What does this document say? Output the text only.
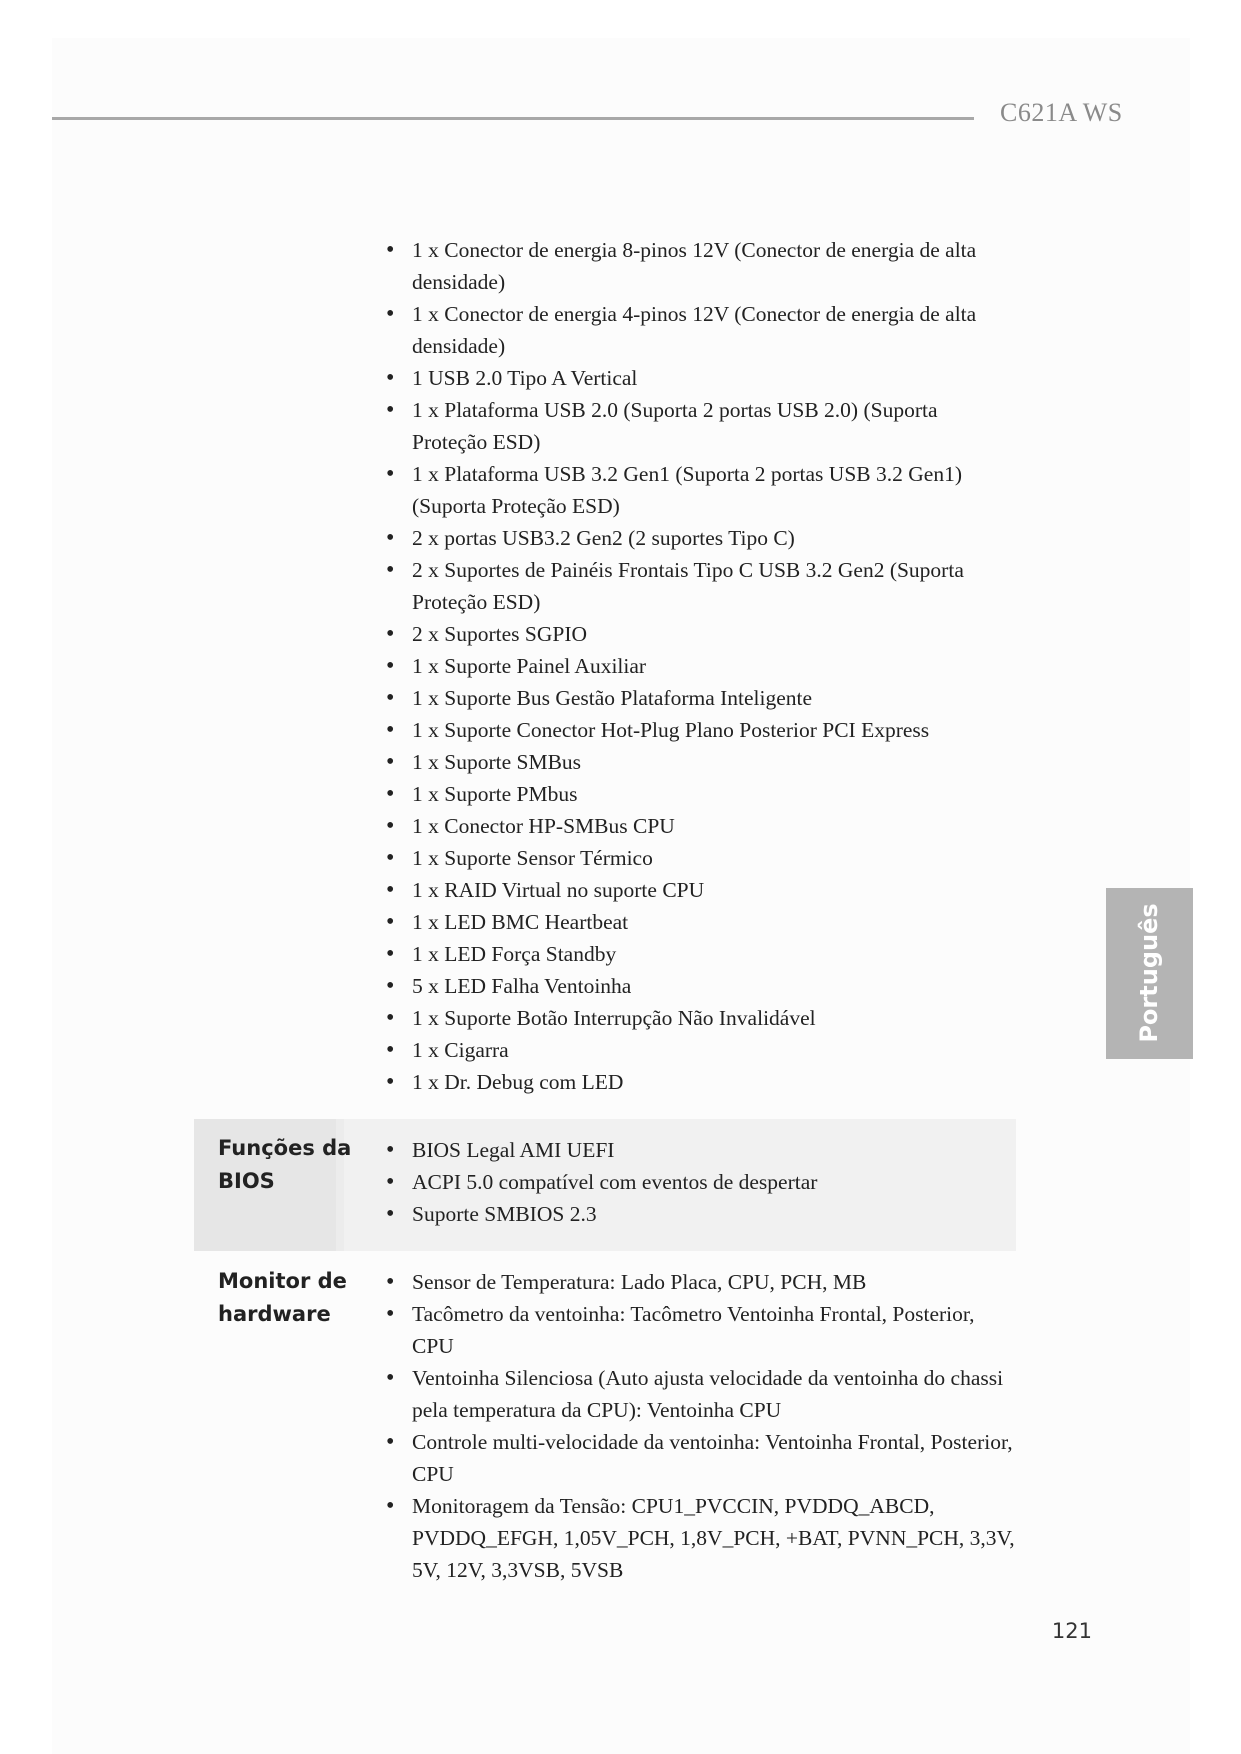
C621A WS
Português
• 1 x Conector de energia 8-pinos 12V (Conector de energia de alta densidade)
• 1 x Conector de energia 4-pinos 12V (Conector de energia de alta densidade)
• 1 USB 2.0 Tipo A Vertical
• 1 x Plataforma USB 2.0 (Suporta 2 portas USB 2.0) (Suporta Proteção ESD)
• 1 x Plataforma USB 3.2 Gen1 (Suporta 2 portas USB 3.2 Gen1) (Suporta Proteção ESD)
• 2 x portas USB3.2 Gen2 (2 suportes Tipo C)
• 2 x Suportes de Painéis Frontais Tipo C USB 3.2 Gen2 (Suporta Proteção ESD)
• 2 x Suportes SGPIO
• 1 x Suporte Painel Auxiliar
• 1 x Suporte Bus Gestão Plataforma Inteligente
• 1 x Suporte Conector Hot-Plug Plano Posterior PCI Express
• 1 x Suporte SMBus
• 1 x Suporte PMbus
• 1 x Conector HP-SMBus CPU
• 1 x Suporte Sensor Térmico
• 1 x RAID Virtual no suporte CPU
• 1 x LED BMC Heartbeat
• 1 x LED Força Standby
• 5 x LED Falha Ventoinha
• 1 x Suporte Botão Interrupção Não Invalidável
• 1 x Cigarra
• 1 x Dr. Debug com LED
Funções da
BIOS
• BIOS Legal AMI UEFI
• ACPI 5.0 compatível com eventos de despertar
• Suporte SMBIOS 2.3
Monitor de
hardware
• Sensor de Temperatura: Lado Placa, CPU, PCH, MB
• Tacômetro da ventoinha: Tacômetro Ventoinha Frontal, Posterior, CPU
• Ventoinha Silenciosa (Auto ajusta velocidade da ventoinha do chassi pela temperatura da CPU): Ventoinha CPU
• Controle multi-velocidade da ventoinha: Ventoinha Frontal, Posterior, CPU
• Monitoragem da Tensão: CPU1_PVCCIN, PVDDQ_ABCD, PVDDQ_EFGH, 1,05V_PCH, 1,8V_PCH, +BAT, PVNN_PCH, 3,3V, 5V, 12V, 3,3VSB, 5VSB
121
